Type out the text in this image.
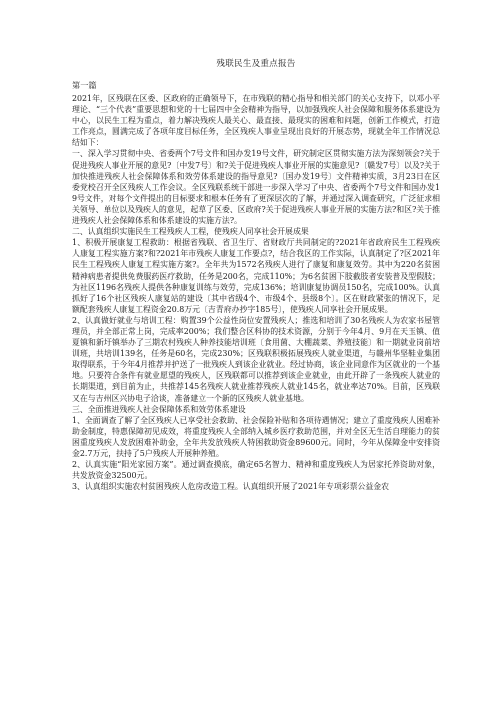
残联民生及重点报告
第一篇

2021年，区残联在区委、区政府的正确领导下，在市残联的精心指导和相关部门的关心支持下，以邓小平理论、“三个代表”重要思想和党的十七届四中全会精神为指导，以加强残疾人社会保障和服务体系建设为中心，以民生工程为重点，着力解决残疾人最关心、最直接、最现实的困难和问题，创新工作模式，打造工作亮点，圆满完成了各项年度目标任务，全区残疾人事业呈现出良好的开展态势，现就全年工作情况总结如下：

一、深入学习贯彻中央、省委两个7号文件和国办发19号文件，研究制定区贯彻实施方法为深刻领会?关于促进残疾人事业开展的意见?〔中发7号〕和?关于促进残疾人事业开展的实施意见?〔赣发7号〕以及?关于加快推进残疾人社会保障体系和效劳体系建设的指导意见?〔国办发19号〕文件精神实质，3月23日在区委党校召开全区残疾人工作会议。全区残联系统干部进一步深入学习了中央、省委两个7号文件和国办发19号文件，对每个文件提出的目标要求和根本任务有了更深层次的了解，并通过深入调查研究，广泛征求相关领导、单位以及残疾人的意见，起草了区委、区政府?关于促进残疾人事业开展的实施方法?和区?关于推进残疾人社会保障体系和体系建设的实施方法?。

二、认真组织实施民生工程残疾人工程，使残疾人同享社会开展成果

1、积极开展康复工程救助：根据省残联、省卫生厅、省财政厅共同制定的?2021年省政府民生工程残疾人康复工程实施方案?和?2021年市残疾人康复工作要点?，结合我区的工作实际，认真制定了?区2021年民生工程残疾人康复工程实施方案?。全年共为1572名残疾人进行了康复和康复效劳。其中为220名贫困精神病患者提供免费服药医疗救助，任务是200名，完成110%；为6名贫困下肢截肢者安装普及型假肢；为社区1196名残疾人提供各种康复训练与效劳，完成136%；培训康复协调员150名，完成100%。认真抓好了16个社区残疾人康复站的建设〔其中省级4个、市级4个、县级8个〕。区在财政紧张的情况下，足额配套残疾人康复工程资金20.8万元〔吉青府办抄字185号〕，使残疾人同享社会开展成果。

2、认真做好就业与培训工程：购置39个公益性岗位安置残疾人；推选和培训了30名残疾人为农家书屋管理员，并全部正常上岗，完成率200%；我们整合区科协的技术资源，分别于今年4月、9月在天玉镇、值夏镇和新圩镇举办了三期农村残疾人种养技能培训班〔食用菌、大棚蔬菜、养殖技能〕和一期就业岗前培训班，共培训139名，任务是60名，完成230%；区残联积极拓展残疾人就业渠道，与赣州华坚鞋业集团取得联系，于今年4月推荐并护送了一批残疾人到该企业就业。经过协商，该企业同意作为区就业的一个基地。只要符合条件有就业愿望的残疾人，区残联都可以推荐到该企业就业，由此开辟了一条残疾人就业的长期渠道，到目前为止，共推荐145名残疾人就业推荐残疾人就业145名，就业率达70%。目前，区残联又在与吉州区兴协电子洽谈，准备建立一个新的区残疾人就业基地。

三、全面推进残疾人社会保障体系和效劳体系建设

1、全面调查了解了全区残疾人已享受社会救助、社会保险补贴和各项待遇情况；建立了重度残疾人困难补助金制度，特惠保障初见成效，将重度残疾人全部纳入城乡医疗救助范围，并对全区无生活自理能力的贫困重度残疾人发放困难补助金，全年共发放残疾人特困救助资金89600元。同时，今年从保障金中安排资金2.7万元，扶持了5户残疾人开展种养殖。

2、认真实施“阳光家园方案”。通过调查摸底，确定65名智力、精神和重度残疾人为居家托养资助对象，共发放资金32500元。

3、认真组织实施农村贫困残疾人危房改造工程。认真组织开展了2021年专项彩票公益金农
